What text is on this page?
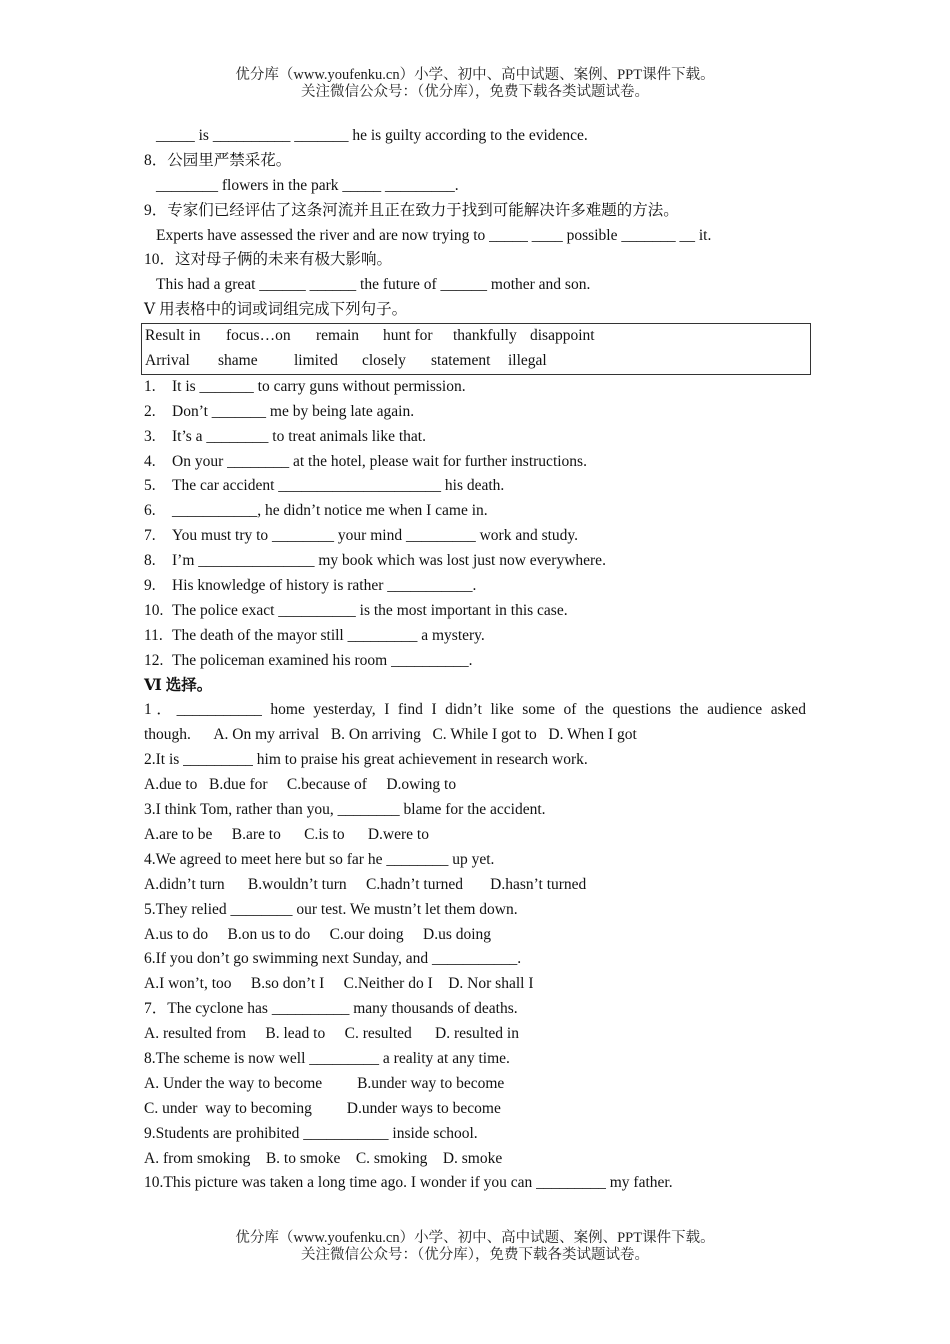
优分库（www.youfenku.cn）小学、初中、高中试题、案例、PPT课件下载。
关注微信公众号：（优分库），免费下载各类试题试卷。
_____ is __________ _______ he is guilty according to the evidence.
8．公园里严禁采花。
________ flowers in the park _____ _________.
9．专家们已经评估了这条河流并且正在致力于找到可能解决许多难题的方法。
Experts have assessed the river and are now trying to _____ ____ possible _______ __ it.
10．这对母子俩的未来有极大影响。
This had a great ______ ______ the future of ______ mother and son.
Ⅴ 用表格中的词或词组完成下列句子。
Result in focus…on remain hunt for thankfully disappoint
Arrival shame limited closely statement illegal
1. It is _______ to carry guns without permission.
2. Don’t _______ me by being late again.
3. It’s a ________ to treat animals like that.
4. On your ________ at the hotel, please wait for further instructions.
5. The car accident _____________________ his death.
6. ___________, he didn’t notice me when I came in.
7. You must try to ________ your mind _________ work and study.
8. I’m _______________ my book which was lost just now everywhere.
9. His knowledge of history is rather ___________.
10. The police exact __________ is the most important in this case.
11. The death of the mayor still _________ a mystery.
12. The policeman examined his room __________.
Ⅵ 选择。
1．___________ home yesterday, I find I didn’t like some of the questions the audience asked
though.      A. On my arrival   B. On arriving   C. While I got to   D. When I got
2.It is _________ him to praise his great achievement in research work.
A.due to   B.due for     C.because of     D.owing to
3.I think Tom, rather than you, ________ blame for the accident.
A.are to be     B.are to      C.is to      D.were to
4.We agreed to meet here but so far he ________ up yet.
A.didn’t turn      B.wouldn’t turn     C.hadn’t turned       D.hasn’t turned
5.They relied ________ our test. We mustn’t let them down.
A.us to do     B.on us to do     C.our doing     D.us doing
6.If you don’t go swimming next Sunday, and ___________.
A.I won’t, too     B.so don’t I     C.Neither do I    D. Nor shall I
7．The cyclone has __________ many thousands of deaths.
A. resulted from     B. lead to     C. resulted      D. resulted in
8.The scheme is now well _________ a reality at any time.
A. Under the way to become         B.under way to become
C. under  way to becoming         D.under ways to become
9.Students are prohibited ___________ inside school.
A. from smoking    B. to smoke    C. smoking    D. smoke
10.This picture was taken a long time ago. I wonder if you can _________ my father.
优分库（www.youfenku.cn）小学、初中、高中试题、案例、PPT课件下载。
关注微信公众号：（优分库），免费下载各类试题试卷。
